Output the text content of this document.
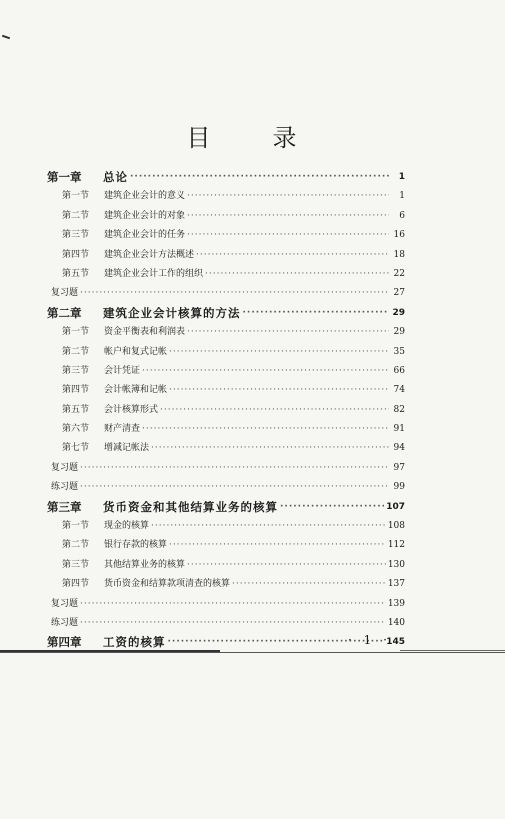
目录
第一章	总论 ·····	1
第一节	建筑企业会计的意义 ·····	1
第二节	建筑企业会计的对象 ·····	6
第三节	建筑企业会计的任务 ·····	16
第四节	建筑企业会计方法概述 ·····	18
第五节	建筑企业会计工作的组织 ·····	22
复习题 ·····	27
第二章	建筑企业会计核算的方法 ·····	29
第一节	资金平衡表和利润表 ·····	29
第二节	帐户和复式记帐 ·····	35
第三节	会计凭证 ·····	66
第四节	会计帐簿和记帐 ·····	74
第五节	会计核算形式 ·····	82
第六节	财产清查 ·····	91
第七节	增减记帐法 ·····	94
复习题 ·····	97
练习题 ·····	99
第三章	货币资金和其他结算业务的核算 ·····	107
第一节	现金的核算 ·····	108
第二节	银行存款的核算 ·····	112
第三节	其他结算业务的核算 ·····	130
第四节	货币资金和结算款项清查的核算 ·····	137
复习题 ·····	139
练习题 ·····	140
第四章	工资的核算 ·····	145
· 1 ·
